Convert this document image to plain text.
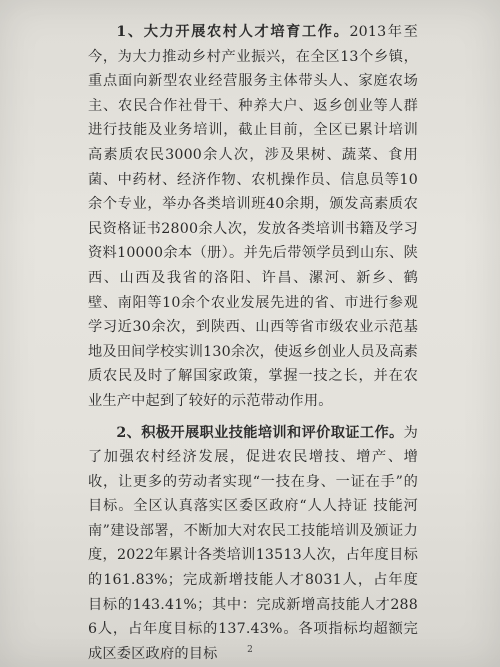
1、大力开展农村人才培育工作。2013年至今，为大力推动乡村产业振兴，在全区13个乡镇，重点面向新型农业经营服务主体带头人、家庭农场主、农民合作社骨干、种养大户、返乡创业等人群进行技能及业务培训，截止目前，全区已累计培训高素质农民3000余人次，涉及果树、蔬菜、食用菌、中药材、经济作物、农机操作员、信息员等10余个专业，举办各类培训班40余期，颁发高素质农民资格证书2800余人次，发放各类培训书籍及学习资料10000余本（册）。并先后带领学员到山东、陕西、山西及我省的洛阳、许昌、漯河、新乡、鹤壁、南阳等10余个农业发展先进的省、市进行参观学习近30余次，到陕西、山西等省市级农业示范基地及田间学校实训130余次，使返乡创业人员及高素质农民及时了解国家政策，掌握一技之长，并在农业生产中起到了较好的示范带动作用。

2、积极开展职业技能培训和评价取证工作。为了加强农村经济发展，促进农民增技、增产、增收，让更多的劳动者实现“一技在身、一证在手”的目标。全区认真落实区委区政府“人人持证 技能河南”建设部署，不断加大对农民工技能培训及颁证力度，2022年累计各类培训13513人次，占年度目标的161.83%；完成新增技能人才8031人，占年度目标的143.41%；其中：完成新增高技能人才2886人，占年度目标的137.43%。各项指标均超额完成区委区政府的目标	2
